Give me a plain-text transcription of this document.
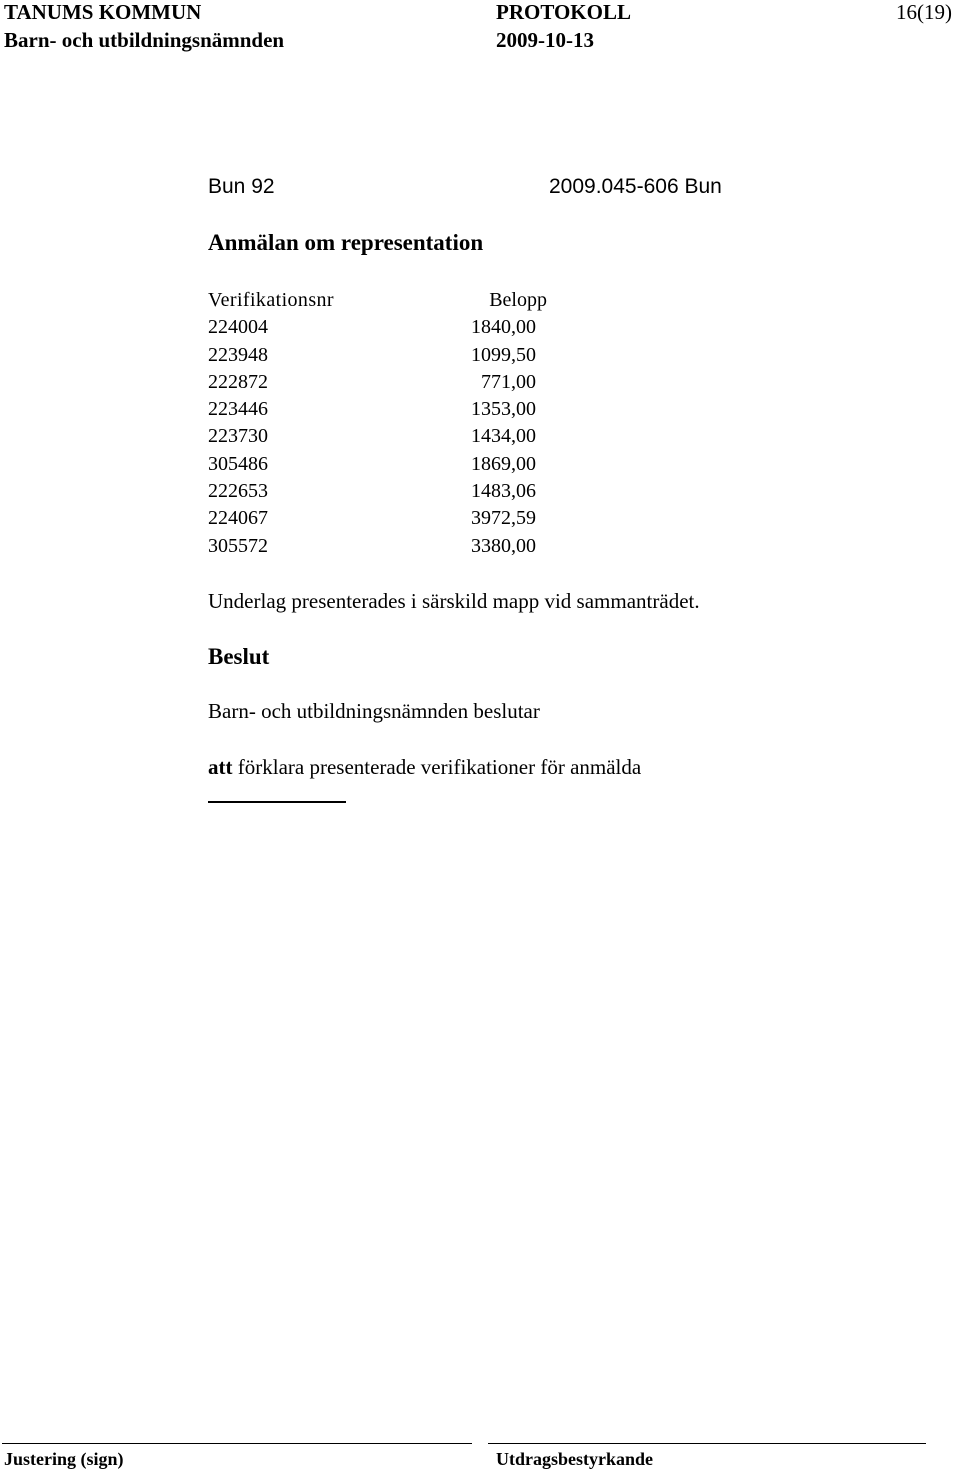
TANUMS KOMMUN	PROTOKOLL	16(19)
Barn- och utbildningsnämnden	2009-10-13
Bun 92	2009.045-606 Bun
Anmälan om representation
Verifikationsnr	Belopp
224004	1840,00
223948	1099,50
222872	771,00
223446	1353,00
223730	1434,00
305486	1869,00
222653	1483,06
224067	3972,59
305572	3380,00
Underlag presenterades i särskild mapp vid sammanträdet.
Beslut
Barn- och utbildningsnämnden beslutar
att förklara presenterade verifikationer för anmälda
Justering (sign)	Utdragsbestyrkande
